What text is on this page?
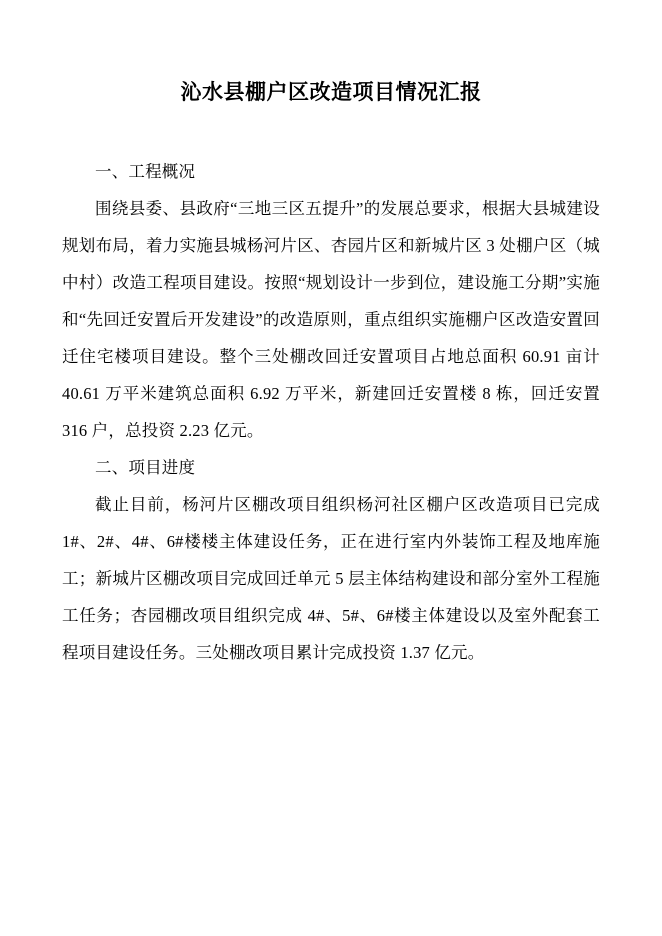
沁水县棚户区改造项目情况汇报

一、工程概况

围绕县委、县政府“三地三区五提升”的发展总要求，根据大县城建设规划布局，着力实施县城杨河片区、杏园片区和新城片区 3 处棚户区（城中村）改造工程项目建设。按照“规划设计一步到位，建设施工分期”实施和“先回迁安置后开发建设”的改造原则，重点组织实施棚户区改造安置回迁住宅楼项目建设。整个三处棚改回迁安置项目占地总面积 60.91 亩计 40.61 万平米建筑总面积 6.92 万平米，新建回迁安置楼 8 栋，回迁安置 316 户，总投资 2.23 亿元。

二、项目进度

截止目前，杨河片区棚改项目组织杨河社区棚户区改造项目已完成 1#、2#、4#、6#楼楼主体建设任务，正在进行室内外装饰工程及地库施工；新城片区棚改项目完成回迁单元 5 层主体结构建设和部分室外工程施工任务；杏园棚改项目组织完成 4#、5#、6#楼主体建设以及室外配套工程项目建设任务。三处棚改项目累计完成投资 1.37 亿元。
